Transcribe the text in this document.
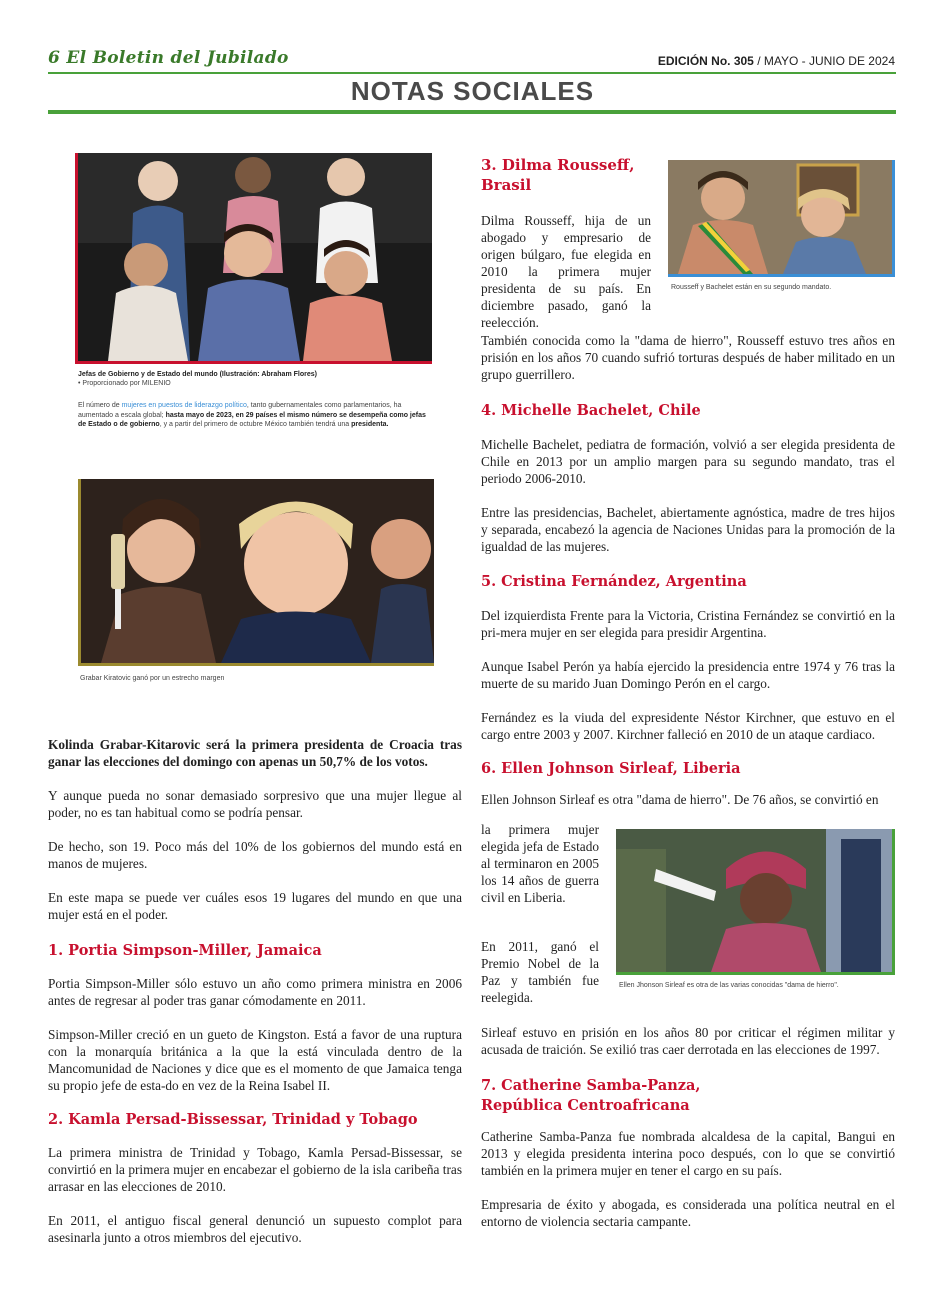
6 El Boletin del Jubilado	EDICIÓN No. 305 / MAYO - JUNIO DE 2024
NOTAS SOCIALES
Jefas de Gobierno y de Estado del mundo (Ilustración: Abraham Flores)
• Proporcionado por MILENIO
El número de mujeres en puestos de liderazgo político, tanto gubernamentales como parlamentarios, ha aumentado a escala global; hasta mayo de 2023, en 29 países el mismo número se desempeña como jefas de Estado o de gobierno, y a partir del primero de octubre México también tendrá una presidenta.
Grabar Kiratovic ganó por un estrecho margen

Kolinda Grabar-Kitarovic será la primera presidenta de Croacia tras ganar las elecciones del domingo con apenas un 50,7% de los votos.

Y aunque pueda no sonar demasiado sorpresivo que una mujer llegue al poder, no es tan habitual como se podría pensar.

De hecho, son 19. Poco más del 10% de los gobiernos del mundo está en manos de mujeres.

En este mapa se puede ver cuáles esos 19 lugares del mundo en que una mujer está en el poder.

1. Portia Simpson-Miller, Jamaica

Portia Simpson-Miller sólo estuvo un año como primera ministra en 2006 antes de regresar al poder tras ganar cómodamente en 2011.

Simpson-Miller creció en un gueto de Kingston. Está a favor de una ruptura con la monarquía británica a la que la está vinculada dentro de la Mancomunidad de Naciones y dice que es el momento de que Jamaica tenga su propio jefe de esta-do en vez de la Reina Isabel II.

2. Kamla Persad-Bissessar, Trinidad y Tobago

La primera ministra de Trinidad y Tobago, Kamla Persad-Bissessar, se convirtió en la primera mujer en encabezar el gobierno de la isla caribeña tras arrasar en las elecciones de 2010.

En 2011, el antiguo fiscal general denunció un supuesto complot para asesinarla junto a otros miembros del ejecutivo.

3. Dilma Rousseff, Brasil

Dilma Rousseff, hija de un abogado y empresario de origen búlgaro, fue elegida en 2010 la primera mujer presidenta de su país. En diciembre pasado, ganó la reelección.

Rousseff y Bachelet están en su segundo mandato.

También conocida como la "dama de hierro", Rousseff estuvo tres años en prisión en los años 70 cuando sufrió torturas después de haber militado en un grupo guerrillero.

4. Michelle Bachelet, Chile

Michelle Bachelet, pediatra de formación, volvió a ser elegida presidenta de Chile en 2013 por un amplio margen para su segundo mandato, tras el periodo 2006-2010.

Entre las presidencias, Bachelet, abiertamente agnóstica, madre de tres hijos y separada, encabezó la agencia de Naciones Unidas para la promoción de la igualdad de las mujeres.

5. Cristina Fernández, Argentina

Del izquierdista Frente para la Victoria, Cristina Fernández se convirtió en la pri-mera mujer en ser elegida para presidir Argentina.

Aunque Isabel Perón ya había ejercido la presidencia entre 1974 y 76 tras la muerte de su marido Juan Domingo Perón en el cargo.

Fernández es la viuda del expresidente Néstor Kirchner, que estuvo en el cargo entre 2003 y 2007. Kirchner falleció en 2010 de un ataque cardiaco.

6. Ellen Johnson Sirleaf, Liberia

Ellen Johnson Sirleaf es otra "dama de hierro". De 76 años, se convirtió en

la primera mujer elegida jefa de Estado al terminaron en 2005 los 14 años de guerra civil en Liberia.

En 2011, ganó el Premio Nobel de la Paz y también fue reelegida.

Ellen Jhonson Sirleaf es otra de las varias conocidas "dama de hierro".

Sirleaf estuvo en prisión en los años 80 por criticar el régimen militar y acusada de traición. Se exilió tras caer derrotada en las elecciones de 1997.

7. Catherine Samba-Panza, República Centroafricana

Catherine Samba-Panza fue nombrada alcaldesa de la capital, Bangui en 2013 y elegida presidenta interina poco después, con lo que se convirtió también en la primera mujer en tener el cargo en su país.

Empresaria de éxito y abogada, es considerada una política neutral en el entorno de violencia sectaria campante.
